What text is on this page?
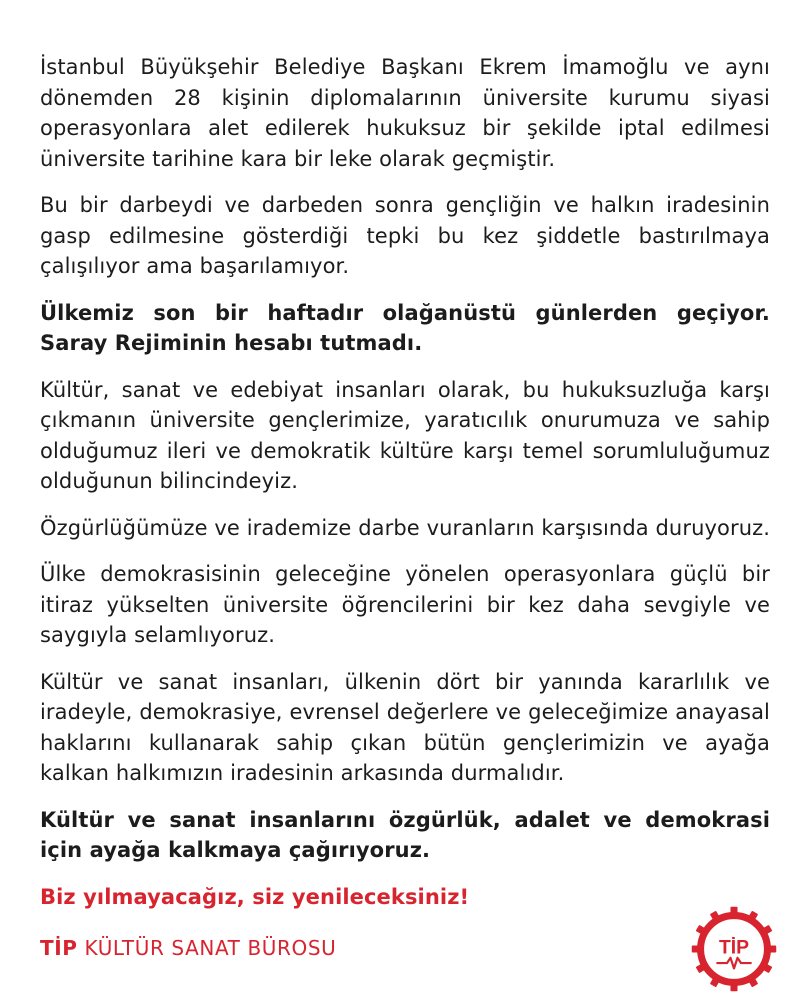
İstanbul Büyükşehir Belediye Başkanı Ekrem İmamoğlu ve aynı dönemden 28 kişinin diplomalarının üniversite kurumu siyasi operasyonlara alet edilerek hukuksuz bir şekilde iptal edilmesi üniversite tarihine kara bir leke olarak geçmiştir.

Bu bir darbeydi ve darbeden sonra gençliğin ve halkın iradesinin gasp edilmesine gösterdiği tepki bu kez şiddetle bastırılmaya çalışılıyor ama başarılamıyor.

Ülkemiz son bir haftadır olağanüstü günlerden geçiyor. Saray Rejiminin hesabı tutmadı.

Kültür, sanat ve edebiyat insanları olarak, bu hukuksuzluğa karşı çıkmanın üniversite gençlerimize, yaratıcılık onurumuza ve sahip olduğumuz ileri ve demokratik kültüre karşı temel sorumluluğumuz olduğunun bilincindeyiz.

Özgürlüğümüze ve irademize darbe vuranların karşısında duruyoruz.

Ülke demokrasisinin geleceğine yönelen operasyonlara güçlü bir itiraz yükselten üniversite öğrencilerini bir kez daha sevgiyle ve saygıyla selamlıyoruz.

Kültür ve sanat insanları, ülkenin dört bir yanında kararlılık ve iradeyle, demokrasiye, evrensel değerlere ve geleceğimize anayasal haklarını kullanarak sahip çıkan bütün gençlerimizin ve ayağa kalkan halkımızın iradesinin arkasında durmalıdır.

Kültür ve sanat insanlarını özgürlük, adalet ve demokrasi için ayağa kalkmaya çağırıyoruz.

Biz yılmayacağız, siz yenileceksiniz!

TİP KÜLTÜR SANAT BÜROSU	TİP
